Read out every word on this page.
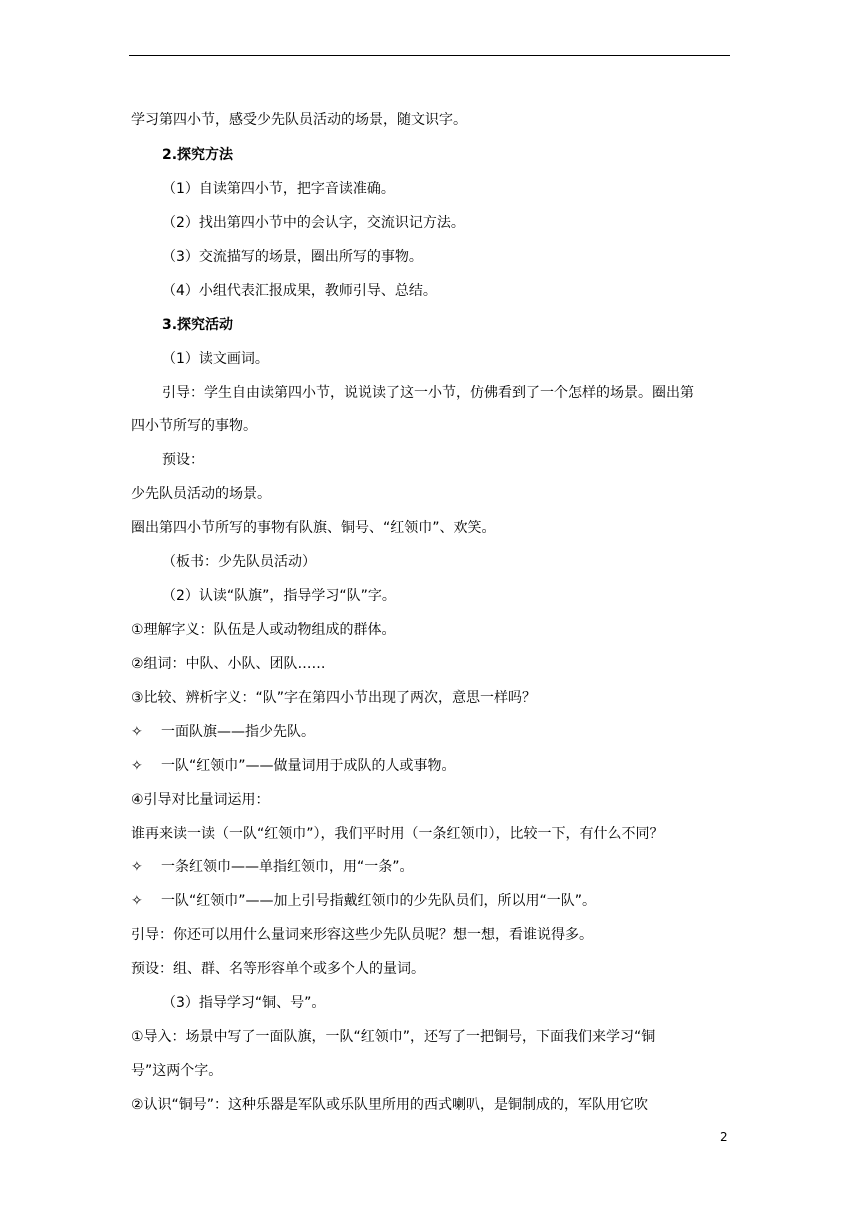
学习第四小节，感受少先队员活动的场景，随文识字。
2.探究方法
（1）自读第四小节，把字音读准确。
（2）找出第四小节中的会认字，交流识记方法。
（3）交流描写的场景，圈出所写的事物。
（4）小组代表汇报成果，教师引导、总结。
3.探究活动
（1）读文画词。
引导：学生自由读第四小节，说说读了这一小节，仿佛看到了一个怎样的场景。圈出第
四小节所写的事物。
预设：
少先队员活动的场景。
圈出第四小节所写的事物有队旗、铜号、“红领巾”、欢笑。
（板书：少先队员活动）
（2）认读“队旗”，指导学习“队”字。
①理解字义：队伍是人或动物组成的群体。
②组词：中队、小队、团队……
③比较、辨析字义：“队”字在第四小节出现了两次，意思一样吗？
✧ 一面队旗——指少先队。
✧ 一队“红领巾”——做量词用于成队的人或事物。
④引导对比量词运用：
谁再来读一读（一队“红领巾”），我们平时用（一条红领巾），比较一下，有什么不同？
✧ 一条红领巾——单指红领巾，用“一条”。
✧ 一队“红领巾”——加上引号指戴红领巾的少先队员们，所以用“一队”。
引导：你还可以用什么量词来形容这些少先队员呢？想一想，看谁说得多。
预设：组、群、名等形容单个或多个人的量词。
（3）指导学习“铜、号”。
①导入：场景中写了一面队旗，一队“红领巾”，还写了一把铜号，下面我们来学习“铜
号”这两个字。
②认识“铜号”：这种乐器是军队或乐队里所用的西式喇叭，是铜制成的，军队用它吹
2
